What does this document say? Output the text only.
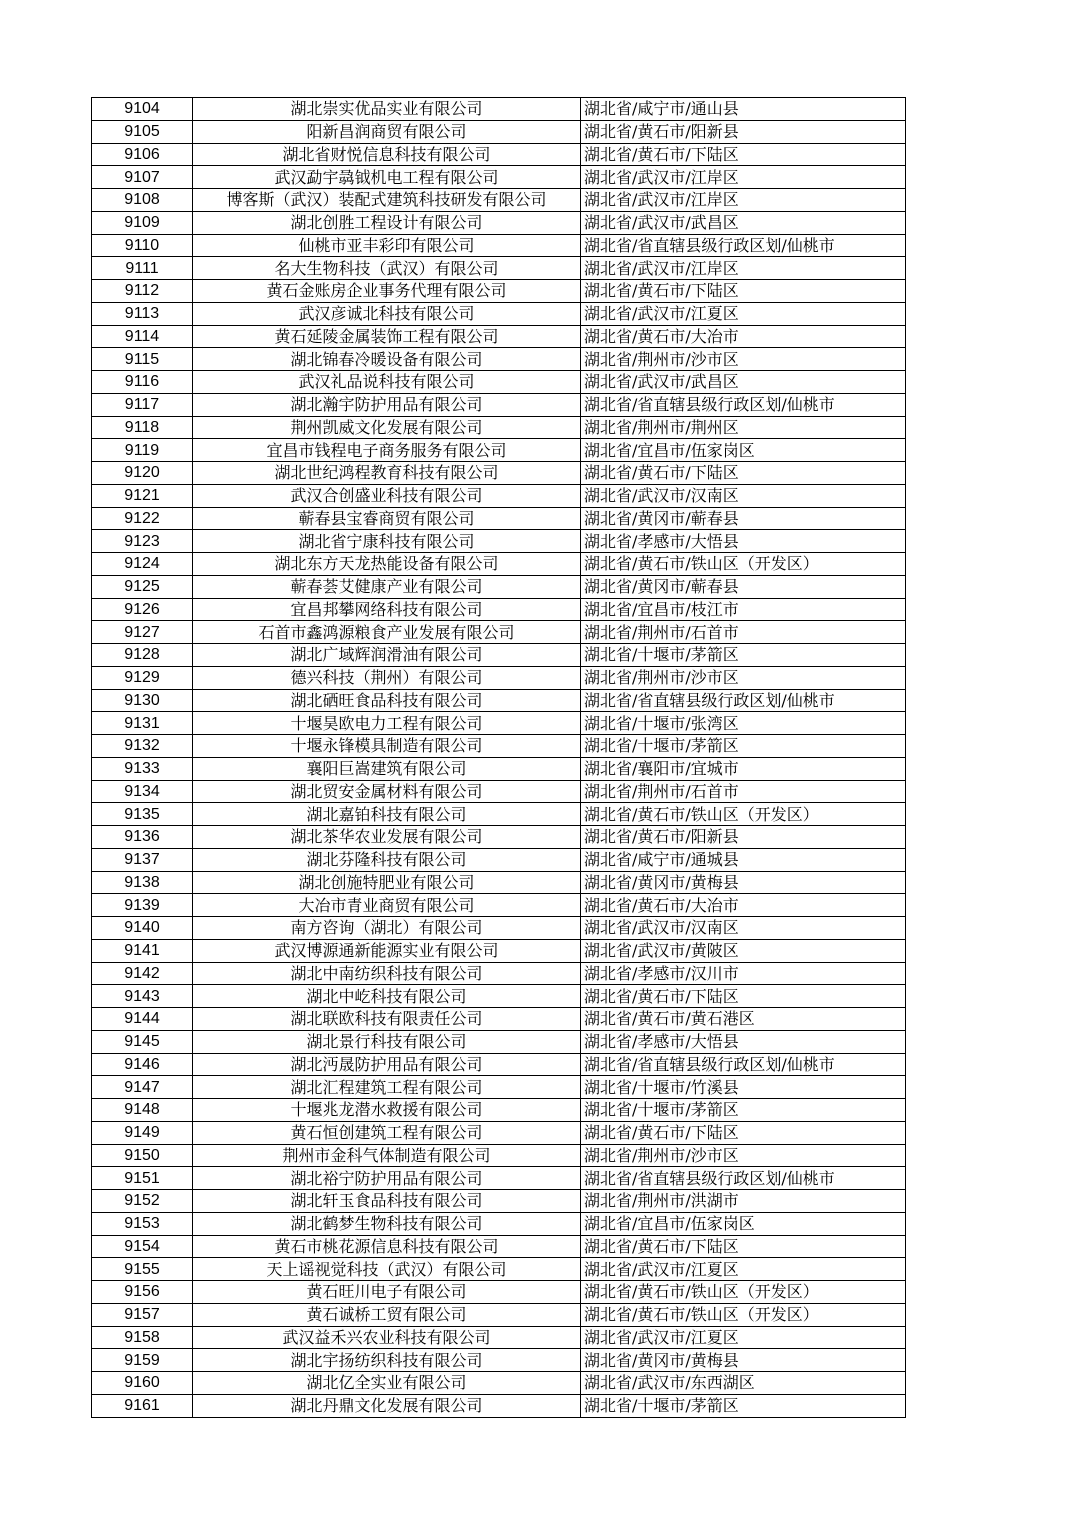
9104	湖北崇实优品实业有限公司	湖北省/咸宁市/通山县
9105	阳新昌润商贸有限公司	湖北省/黄石市/阳新县
9106	湖北省财悦信息科技有限公司	湖北省/黄石市/下陆区
9107	武汉勐宇骉钺机电工程有限公司	湖北省/武汉市/江岸区
9108	博客斯（武汉）装配式建筑科技研发有限公司	湖北省/武汉市/江岸区
9109	湖北创胜工程设计有限公司	湖北省/武汉市/武昌区
9110	仙桃市亚丰彩印有限公司	湖北省/省直辖县级行政区划/仙桃市
9111	名大生物科技（武汉）有限公司	湖北省/武汉市/江岸区
9112	黄石金账房企业事务代理有限公司	湖北省/黄石市/下陆区
9113	武汉彦诚北科技有限公司	湖北省/武汉市/江夏区
9114	黄石延陵金属装饰工程有限公司	湖北省/黄石市/大冶市
9115	湖北锦春冷暖设备有限公司	湖北省/荆州市/沙市区
9116	武汉礼品说科技有限公司	湖北省/武汉市/武昌区
9117	湖北瀚宇防护用品有限公司	湖北省/省直辖县级行政区划/仙桃市
9118	荆州凯威文化发展有限公司	湖北省/荆州市/荆州区
9119	宜昌市钱程电子商务服务有限公司	湖北省/宜昌市/伍家岗区
9120	湖北世纪鸿程教育科技有限公司	湖北省/黄石市/下陆区
9121	武汉合创盛业科技有限公司	湖北省/武汉市/汉南区
9122	蕲春县宝睿商贸有限公司	湖北省/黄冈市/蕲春县
9123	湖北省宁康科技有限公司	湖北省/孝感市/大悟县
9124	湖北东方天龙热能设备有限公司	湖北省/黄石市/铁山区（开发区）
9125	蕲春荟艾健康产业有限公司	湖北省/黄冈市/蕲春县
9126	宜昌邦攀网络科技有限公司	湖北省/宜昌市/枝江市
9127	石首市鑫鸿源粮食产业发展有限公司	湖北省/荆州市/石首市
9128	湖北广域辉润滑油有限公司	湖北省/十堰市/茅箭区
9129	德兴科技（荆州）有限公司	湖北省/荆州市/沙市区
9130	湖北硒旺食品科技有限公司	湖北省/省直辖县级行政区划/仙桃市
9131	十堰昊欧电力工程有限公司	湖北省/十堰市/张湾区
9132	十堰永锋模具制造有限公司	湖北省/十堰市/茅箭区
9133	襄阳巨嵩建筑有限公司	湖北省/襄阳市/宜城市
9134	湖北贸安金属材料有限公司	湖北省/荆州市/石首市
9135	湖北嘉铂科技有限公司	湖北省/黄石市/铁山区（开发区）
9136	湖北茶华农业发展有限公司	湖北省/黄石市/阳新县
9137	湖北芬隆科技有限公司	湖北省/咸宁市/通城县
9138	湖北创施特肥业有限公司	湖北省/黄冈市/黄梅县
9139	大冶市青业商贸有限公司	湖北省/黄石市/大冶市
9140	南方咨询（湖北）有限公司	湖北省/武汉市/汉南区
9141	武汉博源通新能源实业有限公司	湖北省/武汉市/黄陂区
9142	湖北中南纺织科技有限公司	湖北省/孝感市/汉川市
9143	湖北中屹科技有限公司	湖北省/黄石市/下陆区
9144	湖北联欧科技有限责任公司	湖北省/黄石市/黄石港区
9145	湖北景行科技有限公司	湖北省/孝感市/大悟县
9146	湖北沔晟防护用品有限公司	湖北省/省直辖县级行政区划/仙桃市
9147	湖北汇程建筑工程有限公司	湖北省/十堰市/竹溪县
9148	十堰兆龙潜水救援有限公司	湖北省/十堰市/茅箭区
9149	黄石恒创建筑工程有限公司	湖北省/黄石市/下陆区
9150	荆州市金科气体制造有限公司	湖北省/荆州市/沙市区
9151	湖北裕宁防护用品有限公司	湖北省/省直辖县级行政区划/仙桃市
9152	湖北轩玉食品科技有限公司	湖北省/荆州市/洪湖市
9153	湖北鹤梦生物科技有限公司	湖北省/宜昌市/伍家岗区
9154	黄石市桃花源信息科技有限公司	湖北省/黄石市/下陆区
9155	天上谣视觉科技（武汉）有限公司	湖北省/武汉市/江夏区
9156	黄石旺川电子有限公司	湖北省/黄石市/铁山区（开发区）
9157	黄石诚桥工贸有限公司	湖北省/黄石市/铁山区（开发区）
9158	武汉益禾兴农业科技有限公司	湖北省/武汉市/江夏区
9159	湖北宇扬纺织科技有限公司	湖北省/黄冈市/黄梅县
9160	湖北亿全实业有限公司	湖北省/武汉市/东西湖区
9161	湖北丹鼎文化发展有限公司	湖北省/十堰市/茅箭区
